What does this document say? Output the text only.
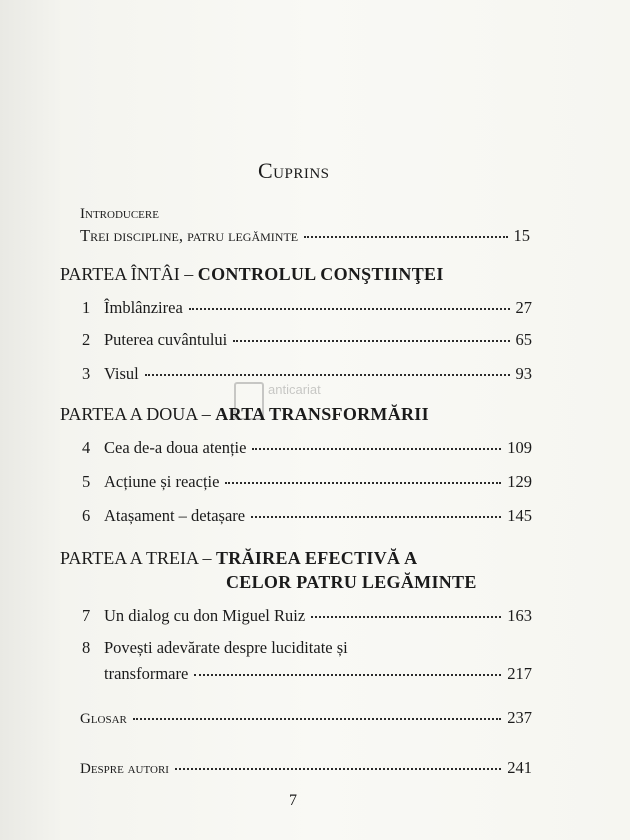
Cuprins
Introducere
Trei discipline, patru legăminte	15
PARTEA ÎNTÂI – CONTROLUL CONŞTIINŢEI
1 Îmblânzirea	27
2 Puterea cuvântului	65
3 Visul	93
anticariat
PARTEA A DOUA – ARTA TRANSFORMĂRII
4 Cea de-a doua atenție	109
5 Acțiune și reacție	129
6 Atașament – detașare	145
PARTEA A TREIA – TRĂIREA EFECTIVĂ A
CELOR PATRU LEGĂMINTE
7 Un dialog cu don Miguel Ruiz	163
8 Povești adevărate despre luciditate și
transformare	217
Glosar	237
Despre autori	241
7
